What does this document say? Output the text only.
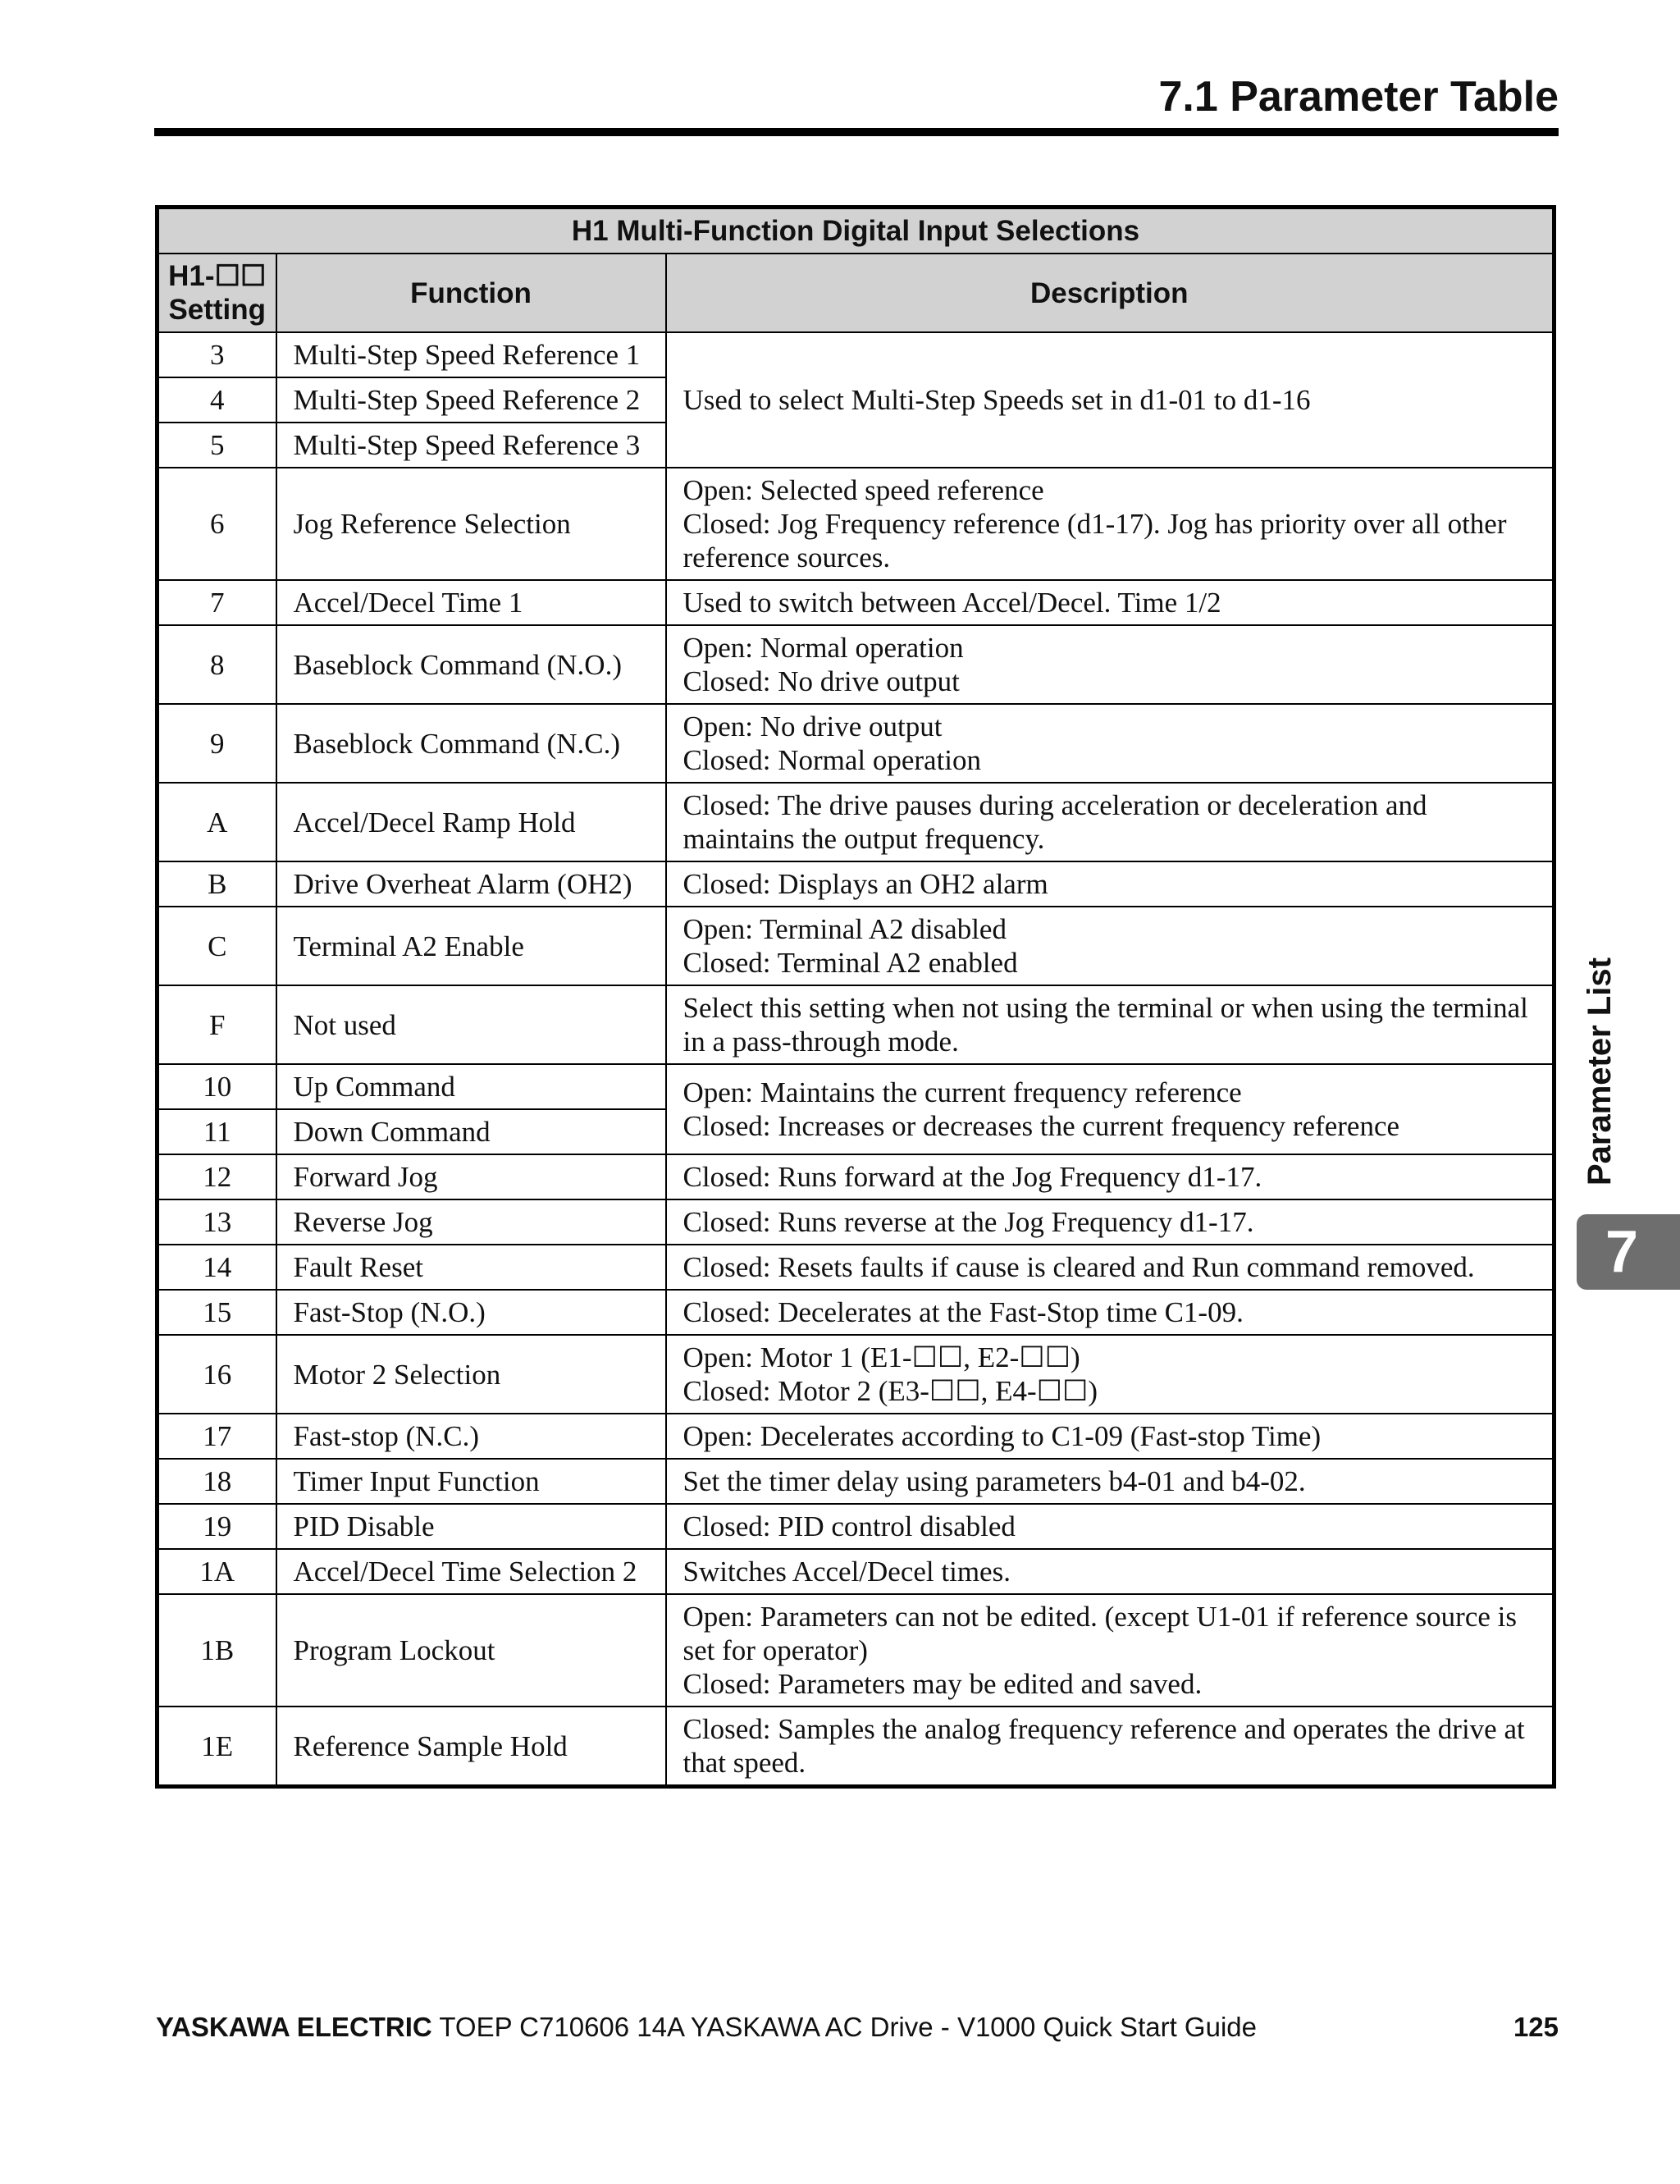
7.1 Parameter Table
H1 Multi-Function Digital Input Selections		
H1-☐☐
Setting	Function	Description
3	Multi-Step Speed Reference 1	Used to select Multi-Step Speeds set in d1-01 to d1-16

4	Multi-Step Speed Reference 2	
5	Multi-Step Speed Reference 3	
6	Jog Reference Selection	Open: Selected speed reference
Closed: Jog Frequency reference (d1-17). Jog has priority over all other reference sources.

7	Accel/Decel Time 1	Used to switch between Accel/Decel. Time 1/2

8	Baseblock Command (N.O.)	Open: Normal operation
Closed: No drive output

9	Baseblock Command (N.C.)	Open: No drive output
Closed: Normal operation

A	Accel/Decel Ramp Hold	Closed: The drive pauses during acceleration or deceleration and maintains the output frequency.

B	Drive Overheat Alarm (OH2)	Closed: Displays an OH2 alarm

C	Terminal A2 Enable	Open: Terminal A2 disabled
Closed: Terminal A2 enabled

F	Not used	Select this setting when not using the terminal or when using the terminal in a pass-through mode.

10	Up Command	Open: Maintains the current frequency reference
Closed: Increases or decreases the current frequency reference

11	Down Command	
12	Forward Jog	Closed: Runs forward at the Jog Frequency d1-17.

13	Reverse Jog	Closed: Runs reverse at the Jog Frequency d1-17.

14	Fault Reset	Closed: Resets faults if cause is cleared and Run command removed.

15	Fast-Stop (N.O.)	Closed: Decelerates at the Fast-Stop time C1-09.

16	Motor 2 Selection	Open: Motor 1 (E1-☐☐, E2-☐☐)
Closed: Motor 2 (E3-☐☐, E4-☐☐)

17	Fast-stop (N.C.)	Open: Decelerates according to C1-09 (Fast-stop Time)

18	Timer Input Function	Set the timer delay using parameters b4-01 and b4-02.

19	PID Disable	Closed: PID control disabled

1A	Accel/Decel Time Selection 2	Switches Accel/Decel times.

1B	Program Lockout	Open: Parameters can not be edited. (except U1-01 if reference source is set for operator)
Closed: Parameters may be edited and saved.

1E	Reference Sample Hold	Closed: Samples the analog frequency reference and operates the drive at that speed.
Parameter List
7
YASKAWA ELECTRIC TOEP C710606 14A YASKAWA AC Drive - V1000 Quick Start Guide	125
